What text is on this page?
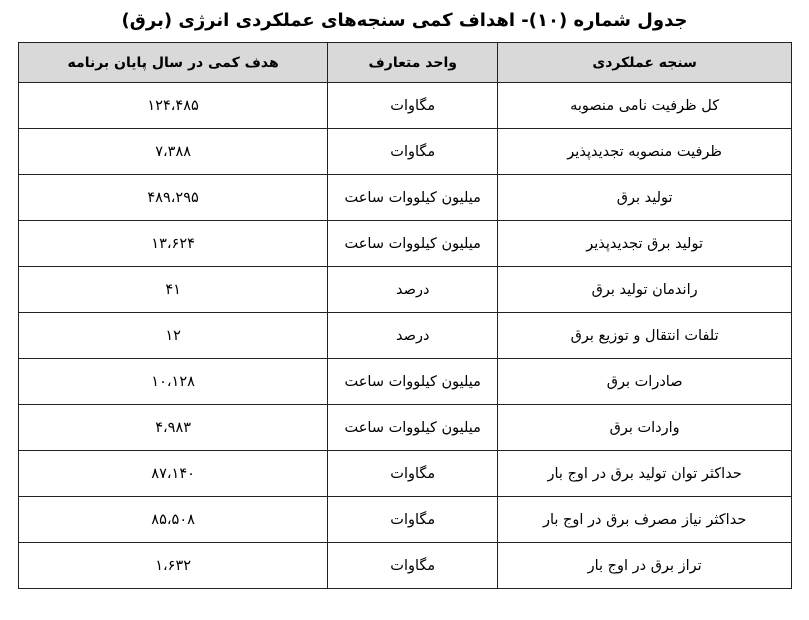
جدول شماره (۱۰)- اهداف کمی سنجه‌های عملکردی انرژی (برق)
سنجه عملکردی	واحد متعارف	هدف کمی در سال پایان برنامه
کل ظرفیت نامی منصوبه	مگاوات	۱۲۴،۴۸۵
ظرفیت منصوبه تجدیدپذیر	مگاوات	۷،۳۸۸
تولید برق	میلیون کیلووات ساعت	۴۸۹،۲۹۵
تولید برق تجدیدپذیر	میلیون کیلووات ساعت	۱۳،۶۲۴
راندمان تولید برق	درصد	۴۱
تلفات انتقال و توزیع برق	درصد	۱۲
صادرات برق	میلیون کیلووات ساعت	۱۰،۱۲۸
واردات برق	میلیون کیلووات ساعت	۴،۹۸۳
حداکثر توان تولید برق در اوج بار	مگاوات	۸۷،۱۴۰
حداکثر نیاز مصرف برق در اوج بار	مگاوات	۸۵،۵۰۸
تراز برق در اوج بار	مگاوات	۱،۶۳۲
